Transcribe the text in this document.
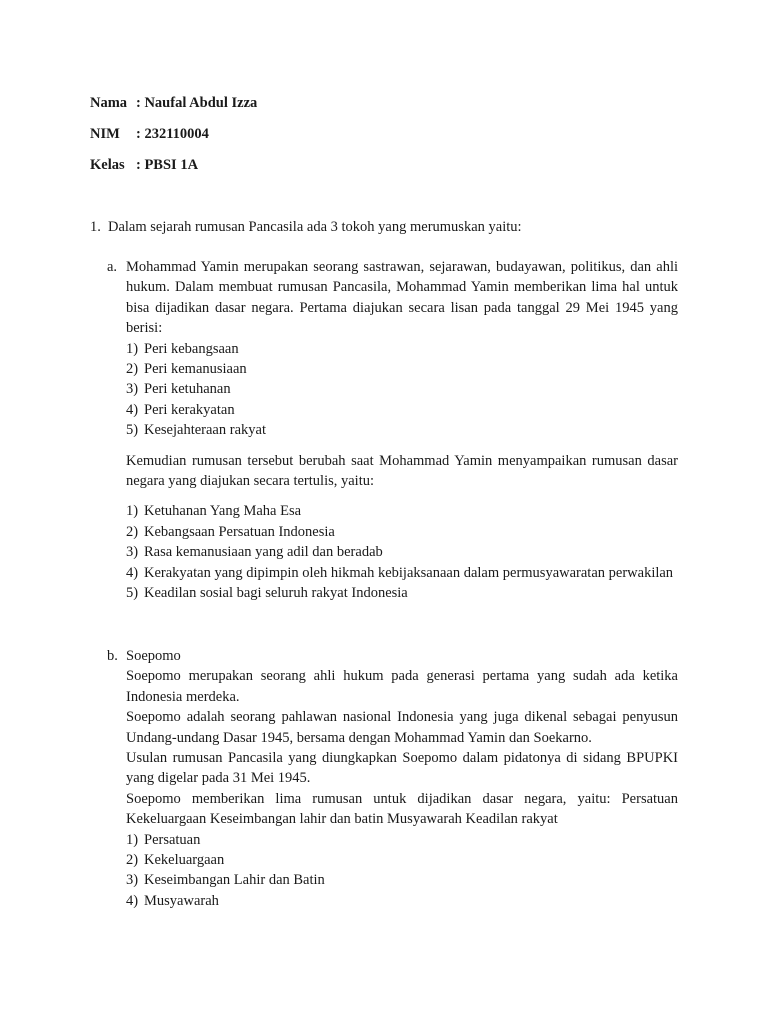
Nama : Naufal Abdul Izza
NIM : 232110004
Kelas : PBSI 1A
1. Dalam sejarah rumusan Pancasila ada 3 tokoh yang merumuskan yaitu:
a. Mohammad Yamin merupakan seorang sastrawan, sejarawan, budayawan, politikus, dan ahli hukum. Dalam membuat rumusan Pancasila, Mohammad Yamin memberikan lima hal untuk bisa dijadikan dasar negara. Pertama diajukan secara lisan pada tanggal 29 Mei 1945 yang berisi:

1) Peri kebangsaan
2) Peri kemanusiaan
3) Peri ketuhanan
4) Peri kerakyatan
5) Kesejahteraan rakyat

Kemudian rumusan tersebut berubah saat Mohammad Yamin menyampaikan rumusan dasar negara yang diajukan secara tertulis, yaitu:

1) Ketuhanan Yang Maha Esa
2) Kebangsaan Persatuan Indonesia
3) Rasa kemanusiaan yang adil dan beradab
4) Kerakyatan yang dipimpin oleh hikmah kebijaksanaan dalam permusyawaratan perwakilan
5) Keadilan sosial bagi seluruh rakyat Indonesia
b. Soepomo

Soepomo merupakan seorang ahli hukum pada generasi pertama yang sudah ada ketika Indonesia merdeka.

Soepomo adalah seorang pahlawan nasional Indonesia yang juga dikenal sebagai penyusun Undang-undang Dasar 1945, bersama dengan Mohammad Yamin dan Soekarno.

Usulan rumusan Pancasila yang diungkapkan Soepomo dalam pidatonya di sidang BPUPKI yang digelar pada 31 Mei 1945.

Soepomo memberikan lima rumusan untuk dijadikan dasar negara, yaitu: Persatuan Kekeluargaan Keseimbangan lahir dan batin Musyawarah Keadilan rakyat

1) Persatuan
2) Kekeluargaan
3) Keseimbangan Lahir dan Batin
4) Musyawarah
